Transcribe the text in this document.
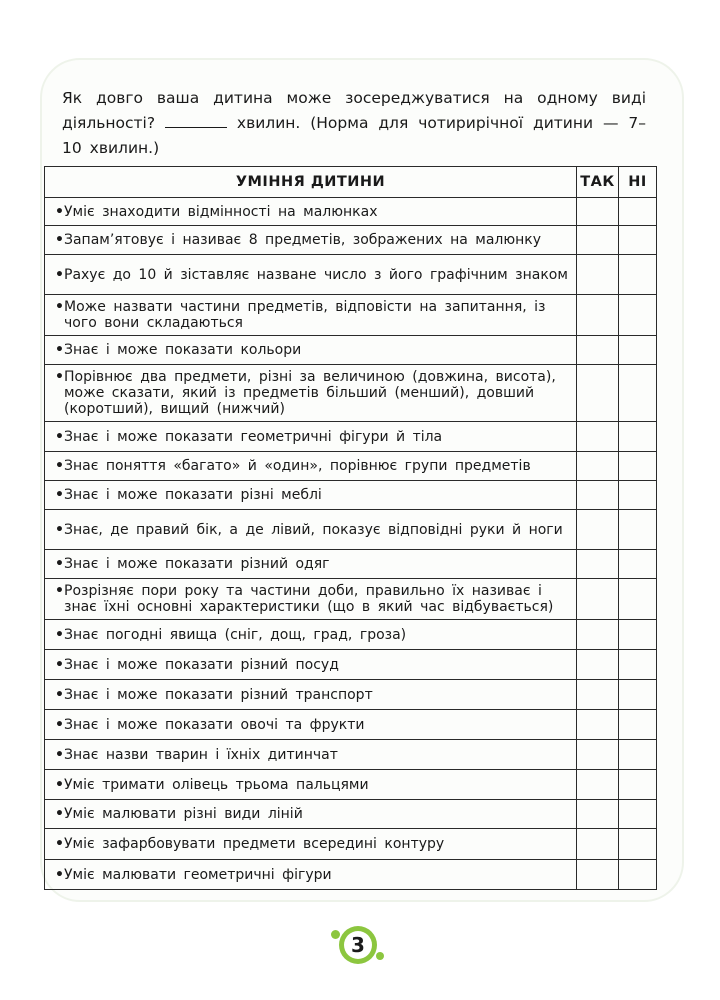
Як довго ваша дитина може зосереджуватися на одному виді діяльності?	хвилин. (Норма для чотирирічної дитини — 7–10 хвилин.)

УМІННЯ ДИТИНИ	ТАК	НІ

• Уміє знаходити відмінності на малюнках		

• Запам’ятовує і називає 8 предметів, зображених на малюнку		

• Рахує до 10 й зіставляє назване число з його графічним знаком		

• Може назвати частини предметів, відповісти на запитання, із чого вони складаються		

• Знає і може показати кольори		

• Порівнює два предмети, різні за величиною (довжина, висота), може сказати, який із предметів більший (менший), довший (коротший), вищий (нижчий)		

• Знає і може показати геометричні фігури й тіла		

• Знає поняття «багато» й «один», порівнює групи предметів		

• Знає і може показати різні меблі		

• Знає, де правий бік, а де лівий, показує відповідні руки й ноги		

• Знає і може показати різний одяг		

• Розрізняє пори року та частини доби, правильно їх називає і знає їхні основні характеристики (що в який час відбувається)		

• Знає погодні явища (сніг, дощ, град, гроза)		

• Знає і може показати різний посуд		

• Знає і може показати різний транспорт		

• Знає і може показати овочі та фрукти		

• Знає назви тварин і їхніх дитинчат		

• Уміє тримати олівець трьома пальцями		

• Уміє малювати різні види ліній		

• Уміє зафарбовувати предмети всередині контуру		

• Уміє малювати геометричні фігури		

3
